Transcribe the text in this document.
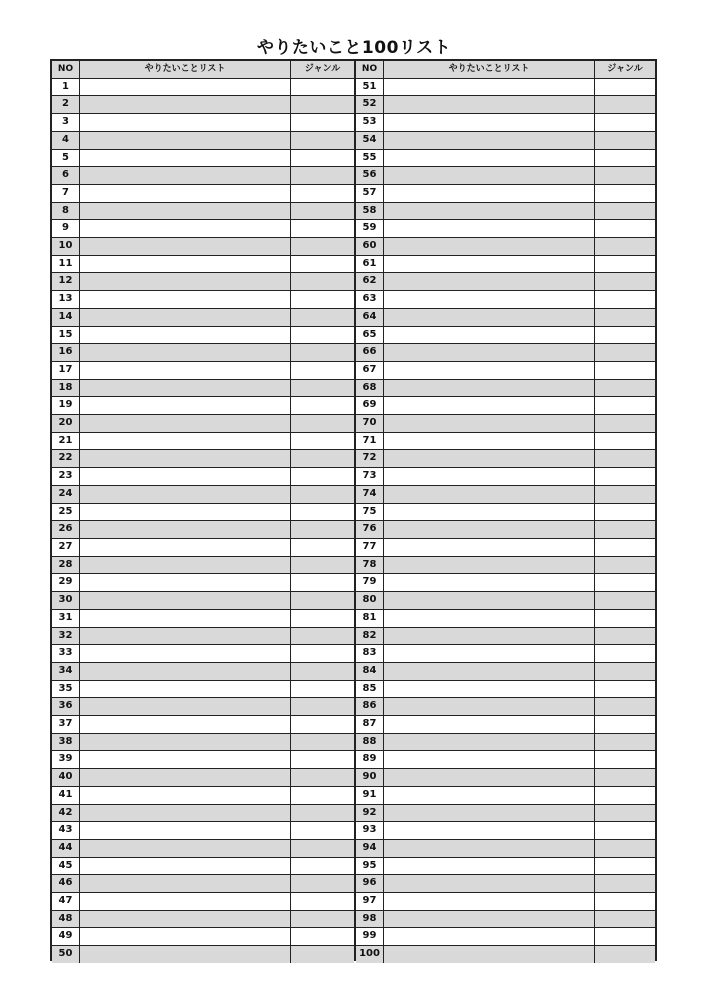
やりたいこと100リスト
NO	やりたいことリスト	ジャンル
1
2
3
4
5
6
7
8
9
10
11
12
13
14
15
16
17
18
19
20
21
22
23
24
25
26
27
28
29
30
31
32
33
34
35
36
37
38
39
40
41
42
43
44
45
46
47
48
49
50
NO	やりたいことリスト	ジャンル
51
52
53
54
55
56
57
58
59
60
61
62
63
64
65
66
67
68
69
70
71
72
73
74
75
76
77
78
79
80
81
82
83
84
85
86
87
88
89
90
91
92
93
94
95
96
97
98
99
100
